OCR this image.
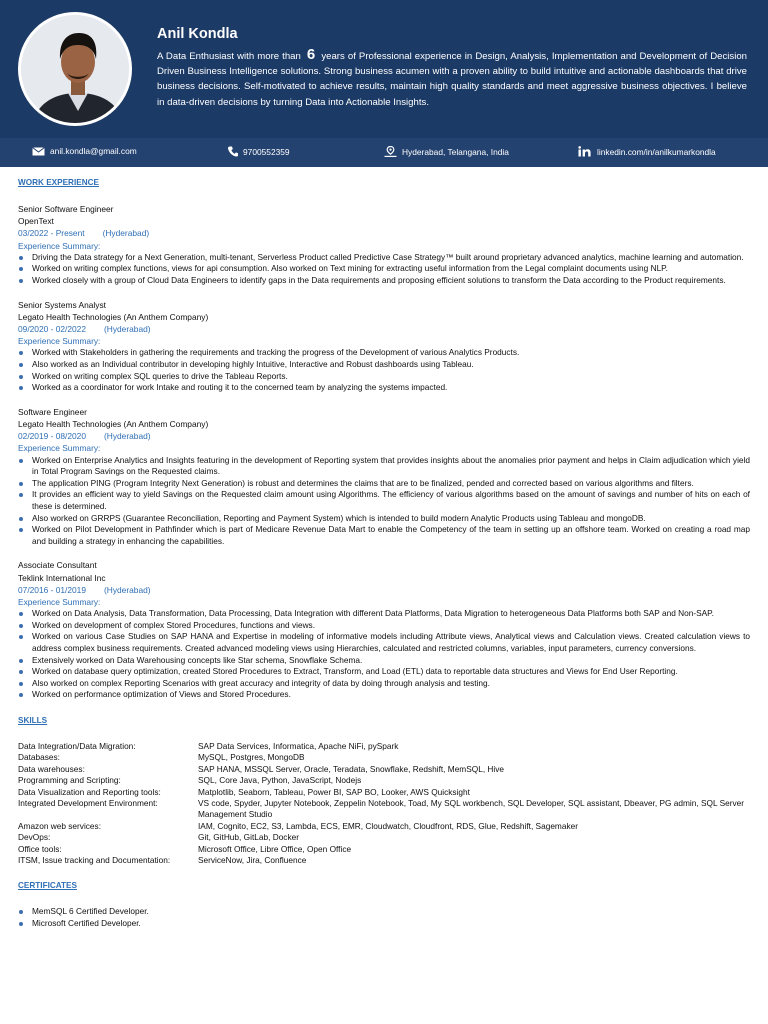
Anil Kondla
A Data Enthusiast with more than 6 years of Professional experience in Design, Analysis, Implementation and Development of Decision Driven Business Intelligence solutions. Strong business acumen with a proven ability to build intuitive and actionable dashboards that drive business decisions. Self-motivated to achieve results, maintain high quality standards and meet aggressive business objectives. I believe in data-driven decisions by turning Data into Actionable Insights.
anil.kondla@gmail.com	9700552359	Hyderabad, Telangana, India	linkedin.com/in/anilkumarkondla
WORK EXPERIENCE
Senior Software Engineer
OpenText
03/2022 - Present (Hyderabad)
Experience Summary:
Driving the Data strategy for a Next Generation, multi-tenant, Serverless Product called Predictive Case Strategy™ built around proprietary advanced analytics, machine learning and automation.
Worked on writing complex functions, views for api consumption. Also worked on Text mining for extracting useful information from the Legal complaint documents using NLP.
Worked closely with a group of Cloud Data Engineers to identify gaps in the Data requirements and proposing efficient solutions to transform the Data according to the Product requirements.
Senior Systems Analyst
Legato Health Technologies (An Anthem Company)
09/2020 - 02/2022 (Hyderabad)
Experience Summary:
Worked with Stakeholders in gathering the requirements and tracking the progress of the Development of various Analytics Products.
Also worked as an Individual contributor in developing highly Intuitive, Interactive and Robust dashboards using Tableau.
Worked on writing complex SQL queries to drive the Tableau Reports.
Worked as a coordinator for work Intake and routing it to the concerned team by analyzing the systems impacted.
Software Engineer
Legato Health Technologies (An Anthem Company)
02/2019 - 08/2020 (Hyderabad)
Experience Summary:
Worked on Enterprise Analytics and Insights featuring in the development of Reporting system that provides insights about the anomalies prior payment and helps in Claim adjudication which yield in Total Program Savings on the Requested claims.
The application PING (Program Integrity Next Generation) is robust and determines the claims that are to be finalized, pended and corrected based on various algorithms and filters.
It provides an efficient way to yield Savings on the Requested claim amount using Algorithms. The efficiency of various algorithms based on the amount of savings and number of hits on each of these is determined.
Also worked on GRRPS (Guarantee Reconciliation, Reporting and Payment System) which is intended to build modern Analytic Products using Tableau and mongoDB.
Worked on Pilot Development in Pathfinder which is part of Medicare Revenue Data Mart to enable the Competency of the team in setting up an offshore team. Worked on creating a road map and building a strategy in enhancing the capabilities.
Associate Consultant
Teklink International Inc
07/2016 - 01/2019 (Hyderabad)
Experience Summary:
Worked on Data Analysis, Data Transformation, Data Processing, Data Integration with different Data Platforms, Data Migration to heterogeneous Data Platforms both SAP and Non-SAP.
Worked on development of complex Stored Procedures, functions and views.
Worked on various Case Studies on SAP HANA and Expertise in modeling of informative models including Attribute views, Analytical views and Calculation views. Created calculation views to address complex business requirements. Created advanced modeling views using Hierarchies, calculated and restricted columns, variables, input parameters, currency conversions.
Extensively worked on Data Warehousing concepts like Star schema, Snowflake Schema.
Worked on database query optimization, created Stored Procedures to Extract, Transform, and Load (ETL) data to reportable data structures and Views for End User Reporting.
Also worked on complex Reporting Scenarios with great accuracy and integrity of data by doing through analysis and testing.
Worked on performance optimization of Views and Stored Procedures.
SKILLS
Data Integration/Data Migration:	SAP Data Services, Informatica, Apache NiFi, pySpark
Databases:	MySQL, Postgres, MongoDB
Data warehouses:	SAP HANA, MSSQL Server, Oracle, Teradata, Snowflake, Redshift, MemSQL, Hive
Programming and Scripting:	SQL, Core Java, Python, JavaScript, Nodejs
Data Visualization and Reporting tools:	Matplotlib, Seaborn, Tableau, Power BI, SAP BO, Looker, AWS Quicksight
Integrated Development Environment:	VS code, Spyder, Jupyter Notebook, Zeppelin Notebook, Toad, My SQL workbench, SQL Developer, SQL assistant, Dbeaver, PG admin, SQL Server Management Studio
Amazon web services:	IAM, Cognito, EC2, S3, Lambda, ECS, EMR, Cloudwatch, Cloudfront, RDS, Glue, Redshift, Sagemaker
DevOps:	Git, GitHub, GitLab, Docker
Office tools:	Microsoft Office, Libre Office, Open Office
ITSM, Issue tracking and Documentation:	ServiceNow, Jira, Confluence
CERTIFICATES
MemSQL 6 Certified Developer.
Microsoft Certified Developer.
